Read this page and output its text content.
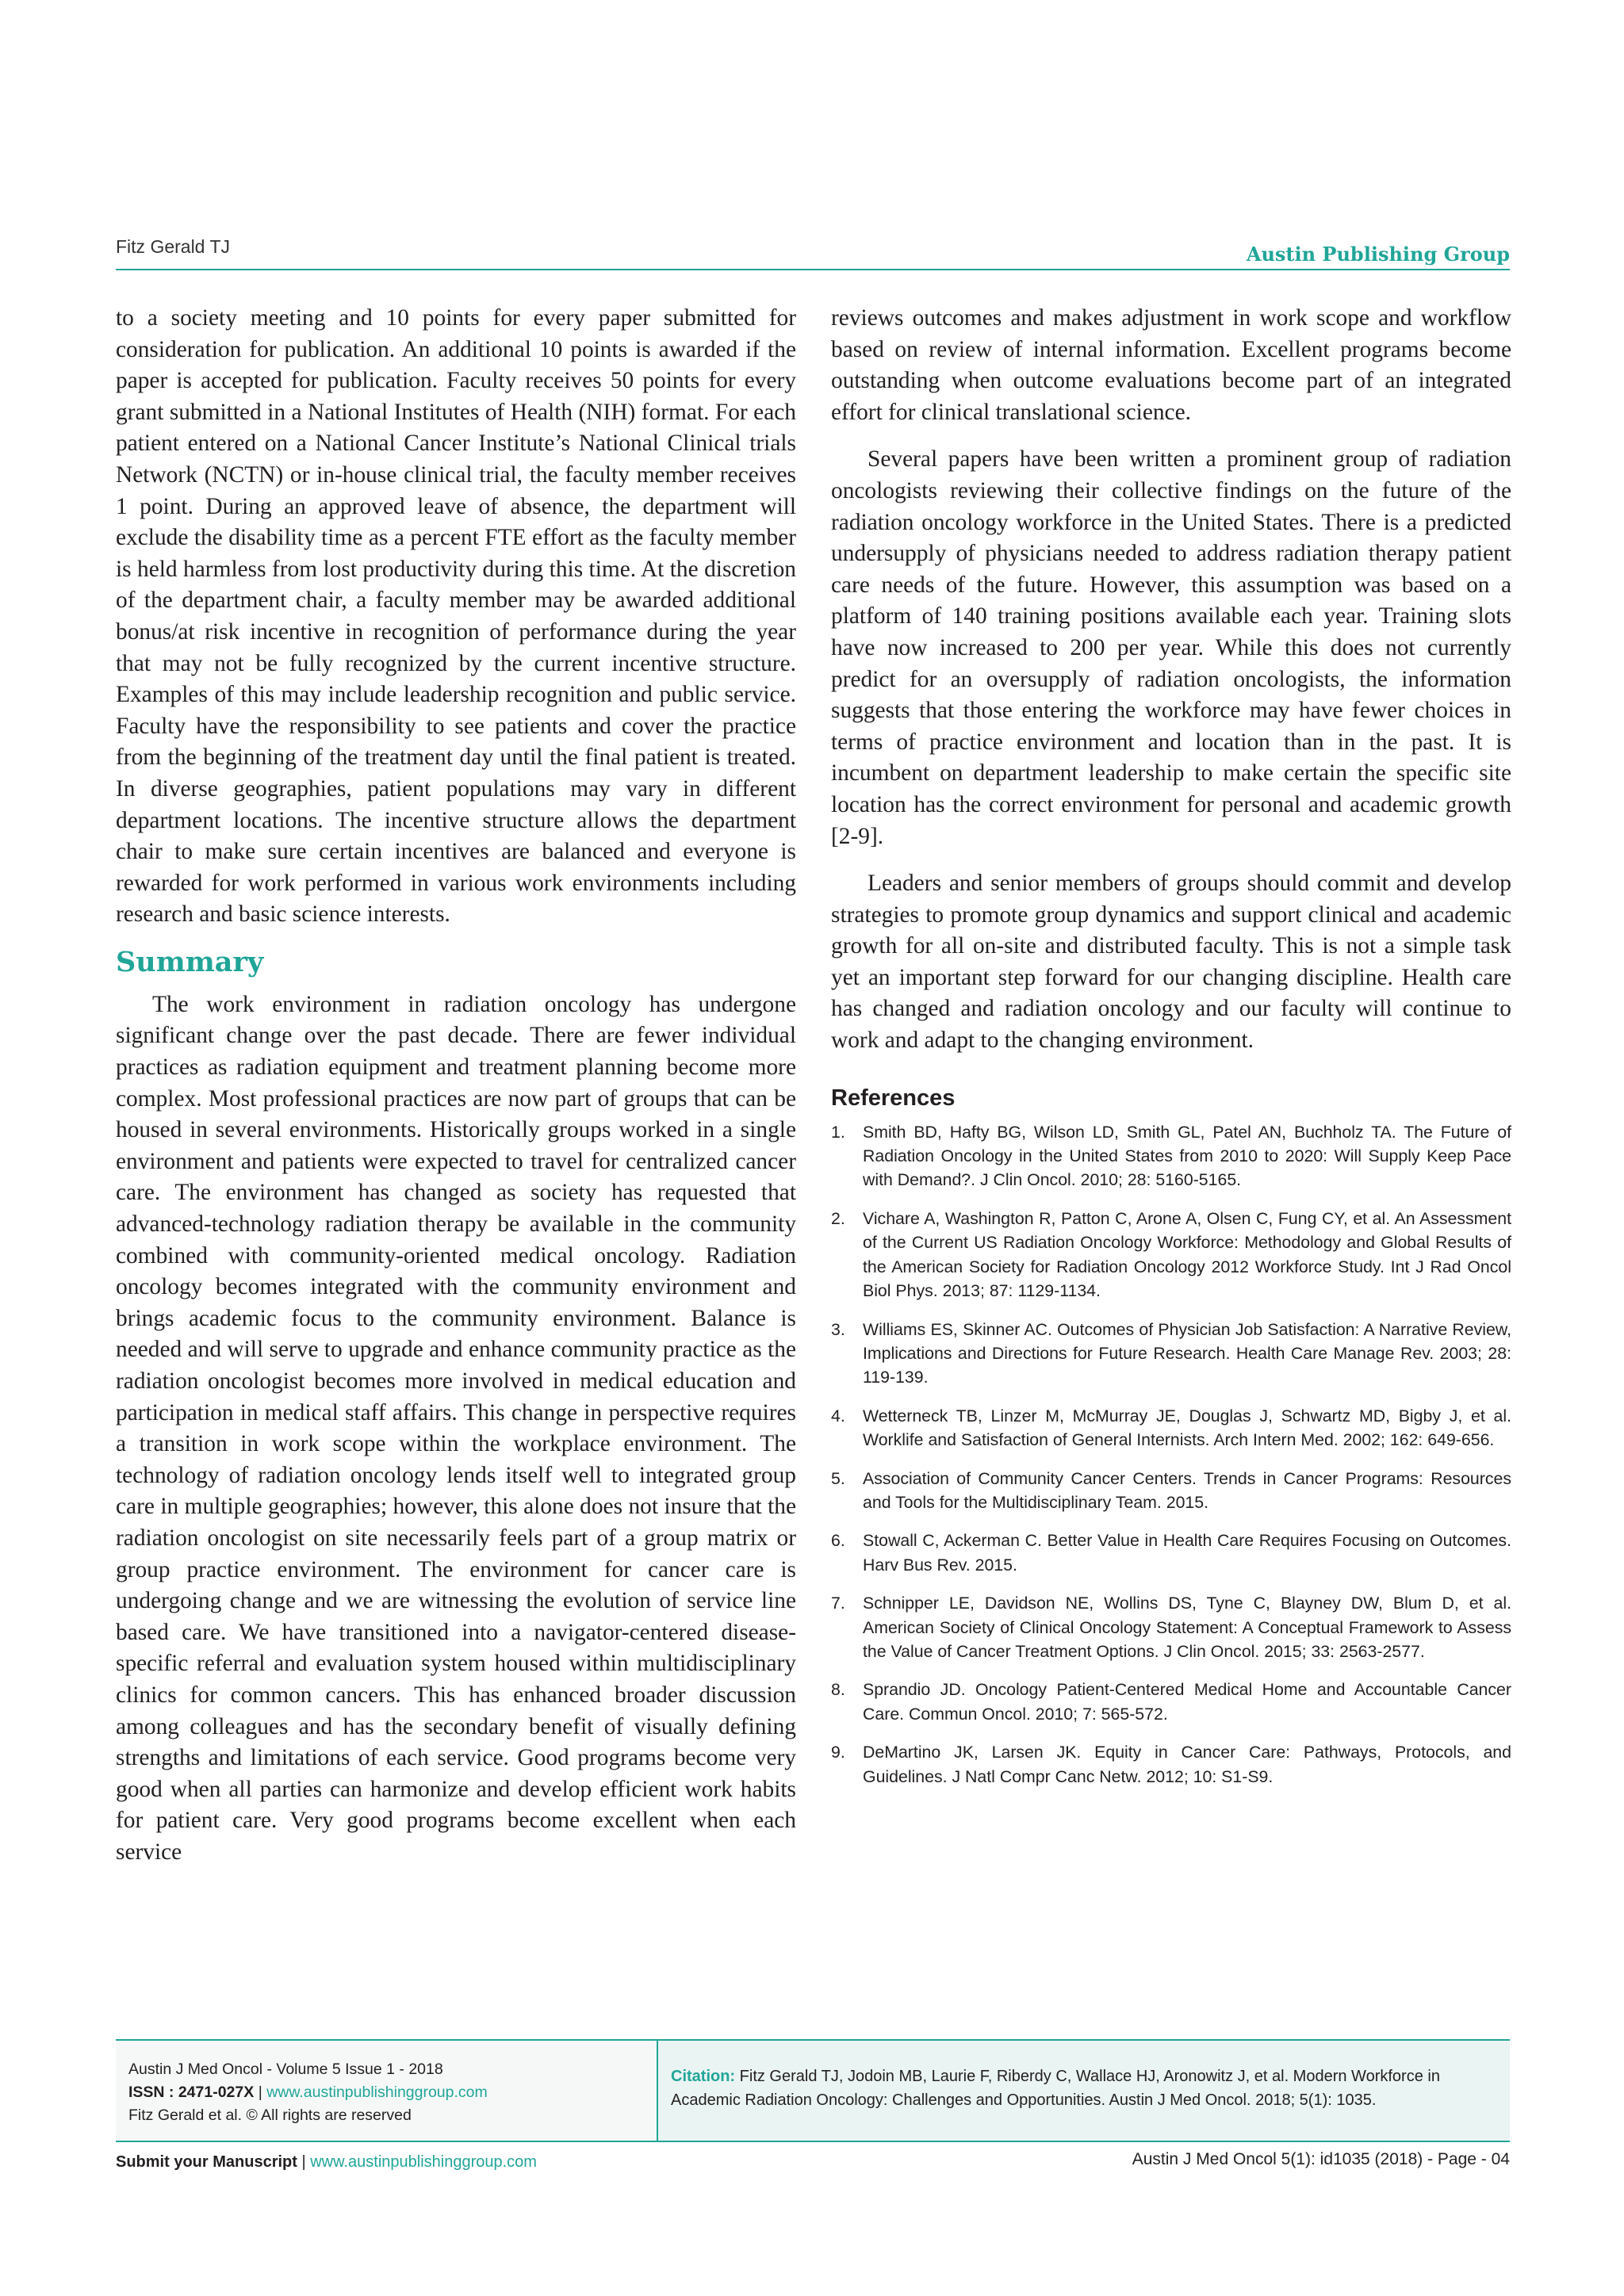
Fitz Gerald TJ	Austin Publishing Group

to a society meeting and 10 points for every paper submitted for consideration for publication. An additional 10 points is awarded if the paper is accepted for publication. Faculty receives 50 points for every grant submitted in a National Institutes of Health (NIH) format. For each patient entered on a National Cancer Institute’s National Clinical trials Network (NCTN) or in-house clinical trial, the faculty member receives 1 point. During an approved leave of absence, the department will exclude the disability time as a percent FTE effort as the faculty member is held harmless from lost productivity during this time. At the discretion of the department chair, a faculty member may be awarded additional bonus/at risk incentive in recognition of performance during the year that may not be fully recognized by the current incentive structure. Examples of this may include leadership recognition and public service. Faculty have the responsibility to see patients and cover the practice from the beginning of the treatment day until the final patient is treated. In diverse geographies, patient populations may vary in different department locations. The incentive structure allows the department chair to make sure certain incentives are balanced and everyone is rewarded for work performed in various work environments including research and basic science interests.

Summary

The work environment in radiation oncology has undergone significant change over the past decade. There are fewer individual practices as radiation equipment and treatment planning become more complex. Most professional practices are now part of groups that can be housed in several environments. Historically groups worked in a single environment and patients were expected to travel for centralized cancer care. The environment has changed as society has requested that advanced-technology radiation therapy be available in the community combined with community-oriented medical oncology. Radiation oncology becomes integrated with the community environment and brings academic focus to the community environment. Balance is needed and will serve to upgrade and enhance community practice as the radiation oncologist becomes more involved in medical education and participation in medical staff affairs. This change in perspective requires a transition in work scope within the workplace environment. The technology of radiation oncology lends itself well to integrated group care in multiple geographies; however, this alone does not insure that the radiation oncologist on site necessarily feels part of a group matrix or group practice environment. The environment for cancer care is undergoing change and we are witnessing the evolution of service line based care. We have transitioned into a navigator-centered disease-specific referral and evaluation system housed within multidisciplinary clinics for common cancers. This has enhanced broader discussion among colleagues and has the secondary benefit of visually defining strengths and limitations of each service. Good programs become very good when all parties can harmonize and develop efficient work habits for patient care. Very good programs become excellent when each service

reviews outcomes and makes adjustment in work scope and workflow based on review of internal information. Excellent programs become outstanding when outcome evaluations become part of an integrated effort for clinical translational science.

Several papers have been written a prominent group of radiation oncologists reviewing their collective findings on the future of the radiation oncology workforce in the United States. There is a predicted undersupply of physicians needed to address radiation therapy patient care needs of the future. However, this assumption was based on a platform of 140 training positions available each year. Training slots have now increased to 200 per year. While this does not currently predict for an oversupply of radiation oncologists, the information suggests that those entering the workforce may have fewer choices in terms of practice environment and location than in the past. It is incumbent on department leadership to make certain the specific site location has the correct environment for personal and academic growth [2-9].

Leaders and senior members of groups should commit and develop strategies to promote group dynamics and support clinical and academic growth for all on-site and distributed faculty. This is not a simple task yet an important step forward for our changing discipline. Health care has changed and radiation oncology and our faculty will continue to work and adapt to the changing environment.

References
1.	Smith BD, Hafty BG, Wilson LD, Smith GL, Patel AN, Buchholz TA. The Future of Radiation Oncology in the United States from 2010 to 2020: Will Supply Keep Pace with Demand?. J Clin Oncol. 2010; 28: 5160-5165.
2.	Vichare A, Washington R, Patton C, Arone A, Olsen C, Fung CY, et al. An Assessment of the Current US Radiation Oncology Workforce: Methodology and Global Results of the American Society for Radiation Oncology 2012 Workforce Study. Int J Rad Oncol Biol Phys. 2013; 87: 1129-1134.
3.	Williams ES, Skinner AC. Outcomes of Physician Job Satisfaction: A Narrative Review, Implications and Directions for Future Research. Health Care Manage Rev. 2003; 28: 119-139.
4.	Wetterneck TB, Linzer M, McMurray JE, Douglas J, Schwartz MD, Bigby J, et al. Worklife and Satisfaction of General Internists. Arch Intern Med. 2002; 162: 649-656.
5.	Association of Community Cancer Centers. Trends in Cancer Programs: Resources and Tools for the Multidisciplinary Team. 2015.
6.	Stowall C, Ackerman C. Better Value in Health Care Requires Focusing on Outcomes. Harv Bus Rev. 2015.
7.	Schnipper LE, Davidson NE, Wollins DS, Tyne C, Blayney DW, Blum D, et al. American Society of Clinical Oncology Statement: A Conceptual Framework to Assess the Value of Cancer Treatment Options. J Clin Oncol. 2015; 33: 2563-2577.
8.	Sprandio JD. Oncology Patient-Centered Medical Home and Accountable Cancer Care. Commun Oncol. 2010; 7: 565-572.
9.	DeMartino JK, Larsen JK. Equity in Cancer Care: Pathways, Protocols, and Guidelines. J Natl Compr Canc Netw. 2012; 10: S1-S9.
Austin J Med Oncol - Volume 5 Issue 1 - 2018
ISSN : 2471-027X | www.austinpublishinggroup.com
Fitz Gerald et al. © All rights are reserved
Citation: Fitz Gerald TJ, Jodoin MB, Laurie F, Riberdy C, Wallace HJ, Aronowitz J, et al. Modern Workforce in Academic Radiation Oncology: Challenges and Opportunities. Austin J Med Oncol. 2018; 5(1): 1035.
Submit your Manuscript | www.austinpublishinggroup.com	Austin J Med Oncol 5(1): id1035 (2018) - Page - 04
